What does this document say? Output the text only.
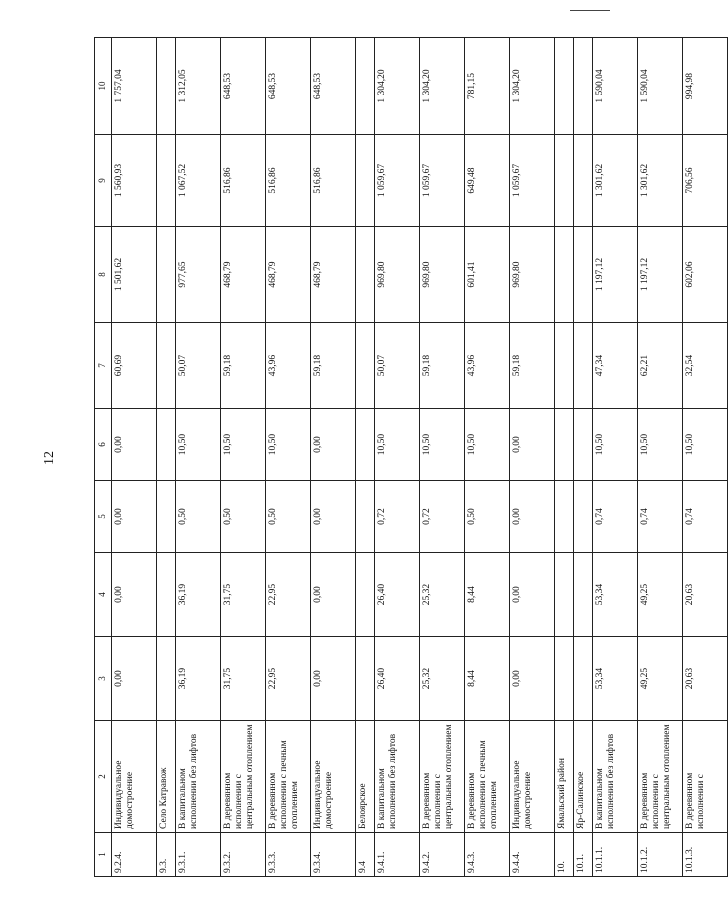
12
1	2	3	4	5	6	7	8	9	10
9.2.4.	Индивидуальное домостроение	0,00	0,00	0,00	0,00	60,69	1 501,62	1 560,93	1 757,04
9.3.	Село Катравож								
9.3.1.	В капитальном исполнении без лифтов	36,19	36,19	0,50	10,50	50,07	977,65	1 067,52	1 312,05
9.3.2.	В деревянном исполнении с центральным отоплением	31,75	31,75	0,50	10,50	59,18	468,79	516,86	648,53
9.3.3.	В деревянном исполнении с печным отоплением	22,95	22,95	0,50	10,50	43,96	468,79	516,86	648,53
9.3.4.	Индивидуальное домостроение	0,00	0,00	0,00	0,00	59,18	468,79	516,86	648,53
9.4	Белоярское								
9.4.1.	В капитальном исполнении без лифтов	26,40	26,40	0,72	10,50	50,07	969,80	1 059,67	1 304,20
9.4.2.	В деревянном исполнении с центральным отоплением	25,32	25,32	0,72	10,50	59,18	969,80	1 059,67	1 304,20
9.4.3.	В деревянном исполнении с печным отоплением	8,44	8,44	0,50	10,50	43,96	601,41	649,48	781,15
9.4.4.	Индивидуальное домостроение	0,00	0,00	0,00	0,00	59,18	969,80	1 059,67	1 304,20
10.	Ямальский район								
10.1.	Яр-Салинское								
10.1.1.	В капитальном исполнении без лифтов	53,34	53,34	0,74	10,50	47,34	1 197,12	1 301,62	1 590,04
10.1.2.	В деревянном исполнении с центральным отоплением	49,25	49,25	0,74	10,50	62,21	1 197,12	1 301,62	1 590,04
10.1.3.	В деревянном исполнении с	20,63	20,63	0,74	10,50	32,54	602,06	706,56	994,98
